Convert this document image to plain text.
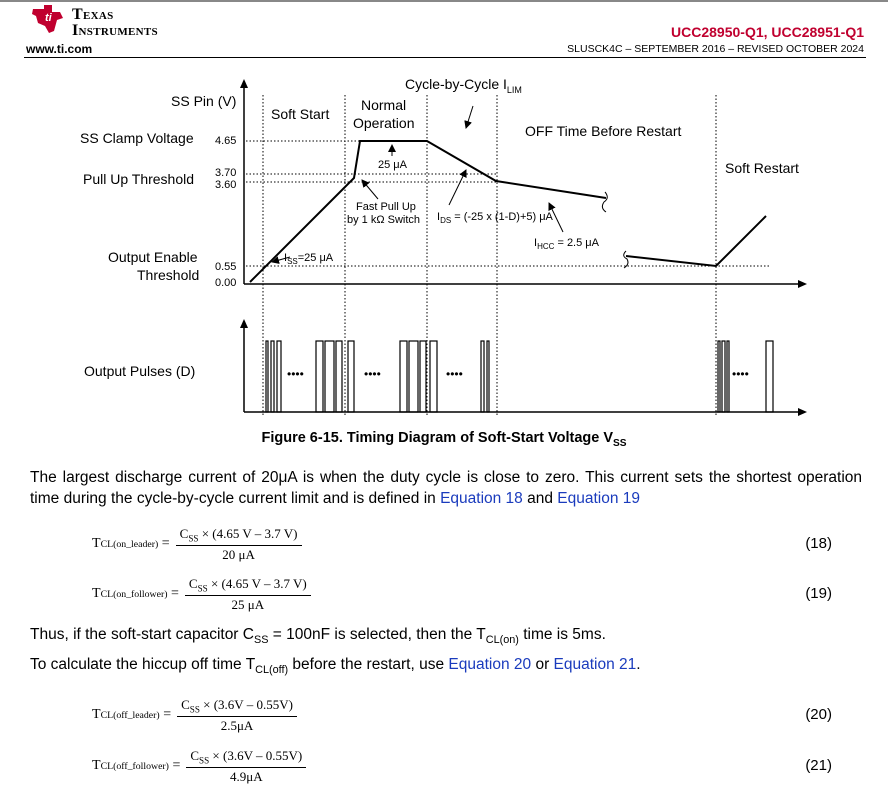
ti Texas
Instruments
www.ti.com
UCC28950-Q1, UCC28951-Q1
SLUSCK4C – SEPTEMBER 2016 – REVISED OCTOBER 2024
SS Pin (V)
SS Clamp Voltage
Pull Up Threshold
Output Enable
Threshold
Output Pulses (D)
4.65
3.70
3.60
0.55
0.00
Soft Start
Normal
Operation
Cycle-by-Cycle $I_{LIM}$
OFF Time Before Restart
Soft Restart
25 μA
Fast Pull Up
by 1 kΩ Switch
$I_{SS}=25$ μA
$I_{DS} = (-25$ x (1-D)+5) μA
$I_{HCC} = 2.5$ μA
••••	••••	••••	••••
Figure 6-15. Timing Diagram of Soft-Start Voltage $V_{SS}$
The largest discharge current of 20μA is when the duty cycle is close to zero. This current sets the shortest operation time during the cycle-by-cycle current limit and is defined in Equation 18 and Equation 19
T CL(on_leader) = $\frac{C_{SS} \times (4.65 V - 3.7 V)}{20 \mu A}$	(18)
T CL(on_follower) = $\frac{C_{SS} \times (4.65 V - 3.7 V)}{25 \mu A}$	(19)
Thus, if the soft-start capacitor $C_{SS} = 100nF$ is selected, then the $T_{CL(on)}$ time is 5ms.
To calculate the hiccup off time $T_{CL(off)}$ before the restart, use Equation 20 or Equation 21.
T CL(off_leader) = $\frac{C_{SS} \times (3.6V - 0.55V)}{2.5\mu A}$	(20)
T CL(off_follower) = $\frac{C_{SS} \times (3.6V - 0.55V)}{4.9\mu A}$	(21)
